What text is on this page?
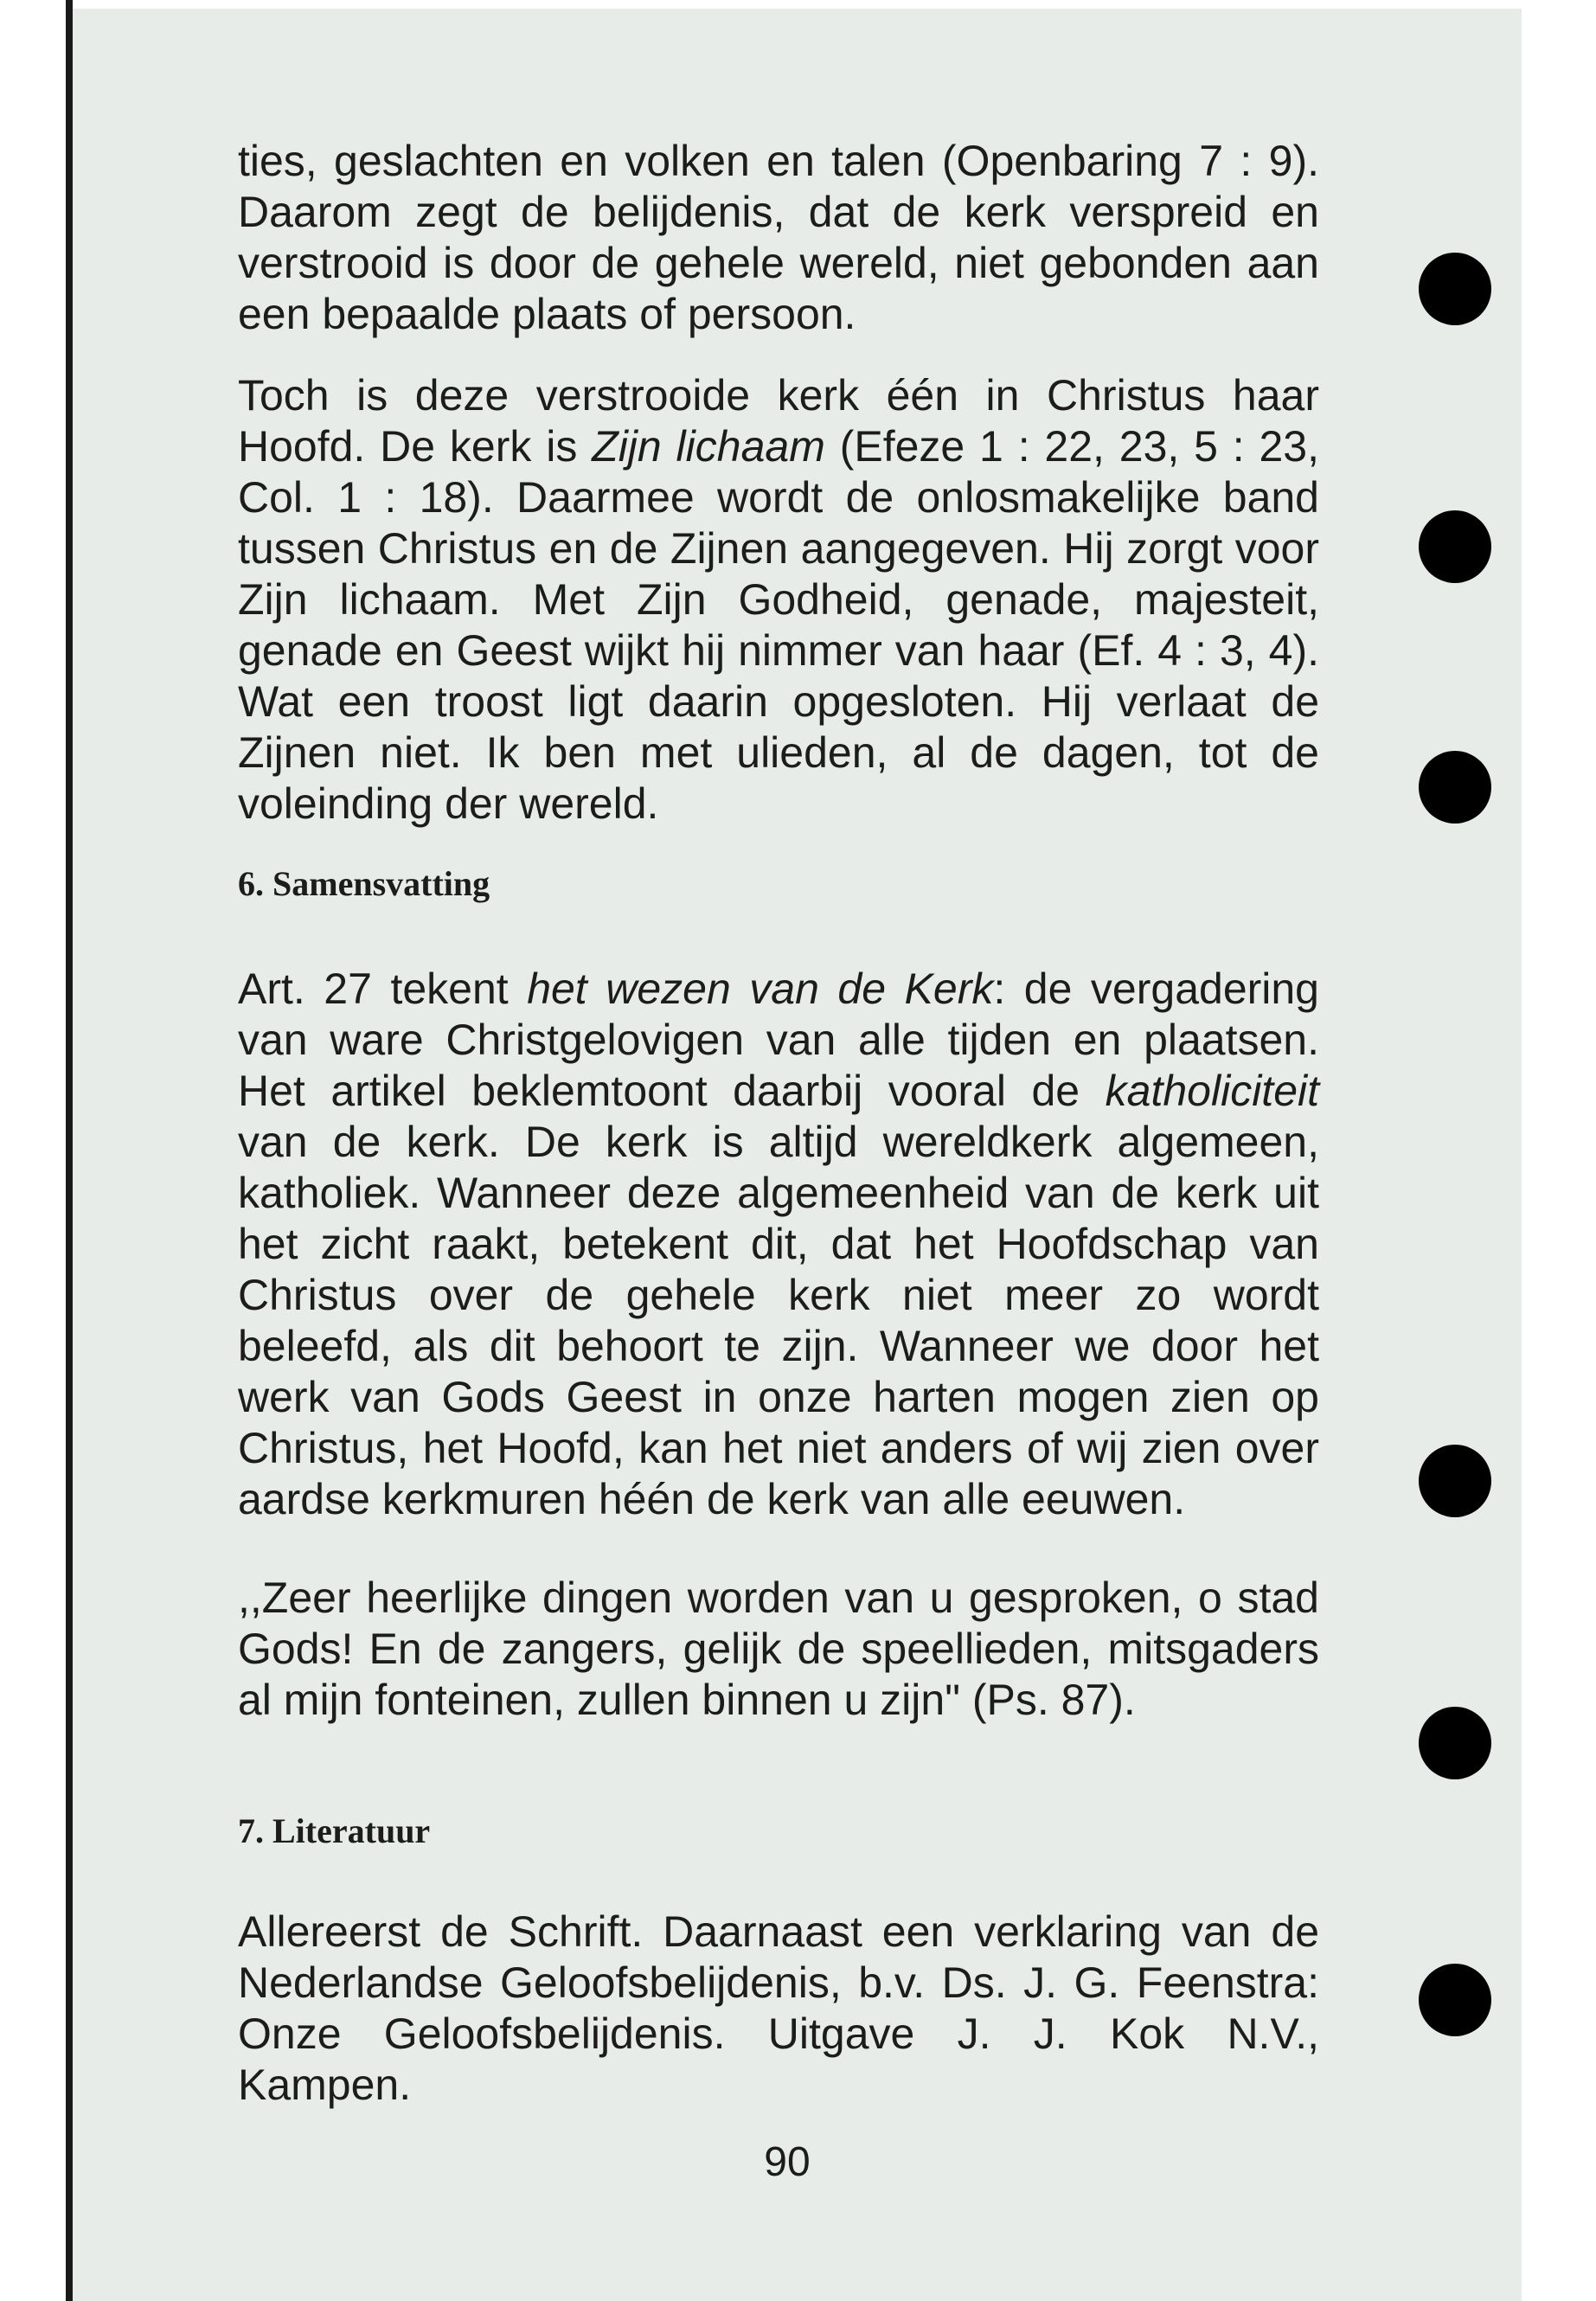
ties, geslachten en volken en talen (Openbaring 7 : 9). Daarom zegt de belijdenis, dat de kerk verspreid en verstrooid is door de gehele wereld, niet gebonden aan een bepaalde plaats of persoon.

Toch is deze verstrooide kerk één in Christus haar Hoofd. De kerk is Zijn lichaam (Efeze 1 : 22, 23, 5 : 23, Col. 1 : 18). Daarmee wordt de onlosmakelijke band tussen Christus en de Zijnen aangegeven. Hij zorgt voor Zijn lichaam. Met Zijn Godheid, genade, majesteit, genade en Geest wijkt hij nimmer van haar (Ef. 4 : 3, 4). Wat een troost ligt daarin opgesloten. Hij verlaat de Zijnen niet. Ik ben met ulieden, al de dagen, tot de voleinding der wereld.

6. Samensvatting

Art. 27 tekent het wezen van de Kerk: de vergadering van ware Christgelovigen van alle tijden en plaatsen. Het artikel beklemtoont daarbij vooral de katholiciteit van de kerk. De kerk is altijd wereldkerk algemeen, katholiek. Wanneer deze algemeenheid van de kerk uit het zicht raakt, betekent dit, dat het Hoofdschap van Christus over de gehele kerk niet meer zo wordt beleefd, als dit behoort te zijn. Wanneer we door het werk van Gods Geest in onze harten mogen zien op Christus, het Hoofd, kan het niet anders of wij zien over aardse kerkmuren héén de kerk van alle eeuwen.

,,Zeer heerlijke dingen worden van u gesproken, o stad Gods! En de zangers, gelijk de speellieden, mitsgaders al mijn fonteinen, zullen binnen u zijn" (Ps. 87).

7. Literatuur

Allereerst de Schrift. Daarnaast een verklaring van de Nederlandse Geloofsbelijdenis, b.v. Ds. J. G. Feenstra: Onze Geloofsbelijdenis. Uitgave J. J. Kok N.V., Kampen.

90
